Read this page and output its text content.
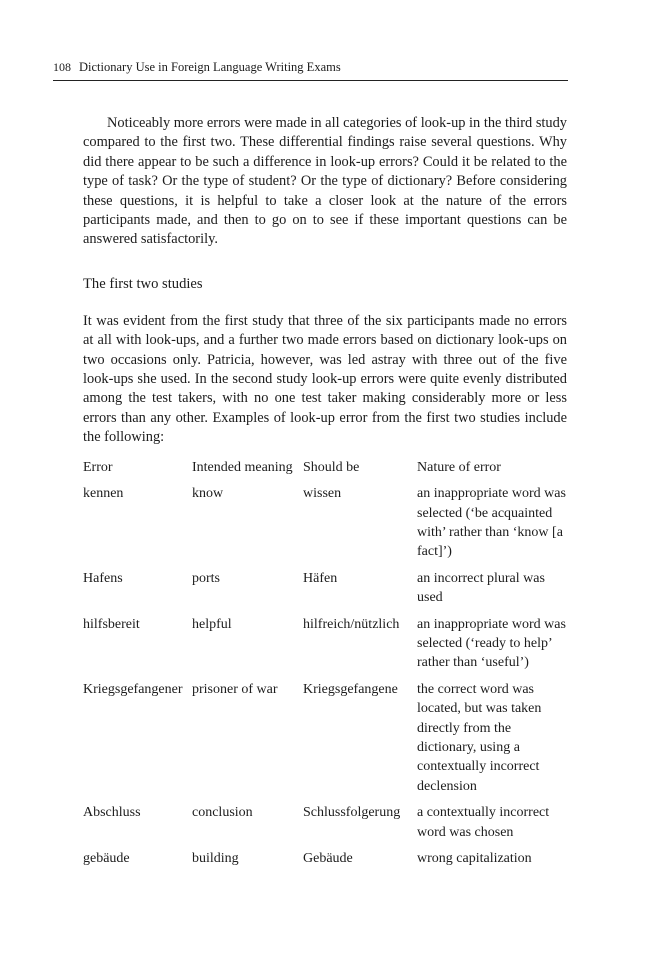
108 Dictionary Use in Foreign Language Writing Exams

Noticeably more errors were made in all categories of look-up in the third study compared to the first two. These differential findings raise several questions. Why did there appear to be such a difference in look-up errors? Could it be related to the type of task? Or the type of student? Or the type of dictionary? Before considering these questions, it is helpful to take a closer look at the nature of the errors participants made, and then to go on to see if these important questions can be answered satisfactorily.

The first two studies

It was evident from the first study that three of the six participants made no errors at all with look-ups, and a further two made errors based on dictionary look-ups on two occasions only. Patricia, however, was led astray with three out of the five look-ups she used. In the second study look-up errors were quite evenly distributed among the test takers, with no one test taker making considerably more or less errors than any other. Examples of look-up error from the first two studies include the following:

Error	Intended meaning	Should be	Nature of error
kennen	know	wissen	an inappropriate word was selected (‘be acquainted with’ rather than ‘know [a fact]’)
Hafens	ports	Häfen	an incorrect plural was used
hilfsbereit	helpful	hilfreich/nützlich	an inappropriate word was selected (‘ready to help’ rather than ‘useful’)
Kriegsgefangener	prisoner of war	Kriegsgefangene	the correct word was located, but was taken directly from the dictionary, using a contextually incorrect declension
Abschluss	conclusion	Schlussfolgerung	a contextually incorrect word was chosen
gebäude	building	Gebäude	wrong capitalization
